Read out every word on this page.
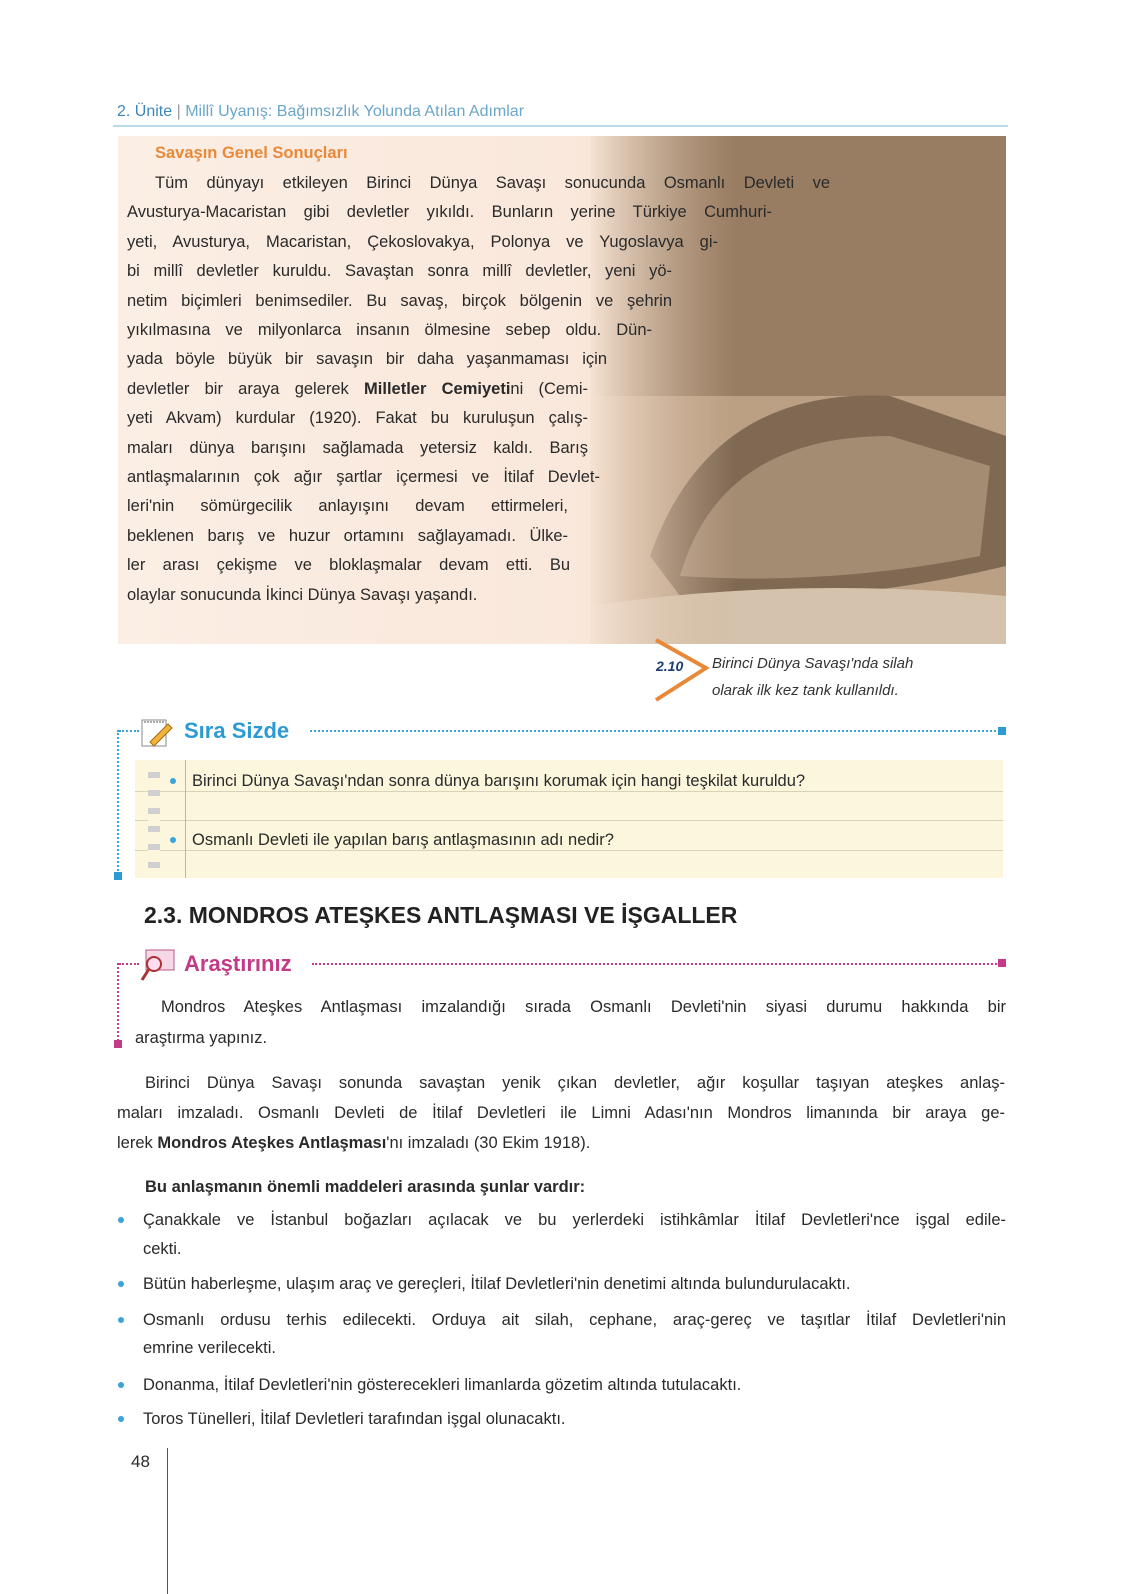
2. Ünite | Millî Uyanış: Bağımsızlık Yolunda Atılan Adımlar
Savaşın Genel Sonuçları
2.10 Birinci Dünya Savaşı'nda silah
olarak ilk kez tank kullanıldı.
Sıra Sizde
Birinci Dünya Savaşı'ndan sonra dünya barışını korumak için hangi teşkilat kuruldu?
Osmanlı Devleti ile yapılan barış antlaşmasının adı nedir?
2.3. MONDROS ATEŞKES ANTLAŞMASI VE İŞGALLER
Araştırınız
Mondros Ateşkes Antlaşması imzalandığı sırada Osmanlı Devleti'nin siyasi durumu hakkında bir
araştırma yapınız.
Bu anlaşmanın önemli maddeleri arasında şunlar vardır:
48
Tüm dünyayı etkileyen Birinci Dünya Savaşı sonucunda Osmanlı Devleti ve
Avusturya-Macaristan gibi devletler yıkıldı. Bunların yerine Türkiye Cumhuri-
yeti, Avusturya, Macaristan, Çekoslovakya, Polonya ve Yugoslavya gi-
bi millî devletler kuruldu. Savaştan sonra millî devletler, yeni yö-
netim biçimleri benimsediler. Bu savaş, birçok bölgenin ve şehrin
yıkılmasına ve milyonlarca insanın ölmesine sebep oldu. Dün-
yada böyle büyük bir savaşın bir daha yaşanmaması için
devletler bir araya gelerek Milletler Cemiyetini (Cemi-
yeti Akvam) kurdular (1920). Fakat bu kuruluşun çalış-
maları dünya barışını sağlamada yetersiz kaldı. Barış
antlaşmalarının çok ağır şartlar içermesi ve İtilaf Devlet-
leri'nin sömürgecilik anlayışını devam ettirmeleri,
beklenen barış ve huzur ortamını sağlayamadı. Ülke-
ler arası çekişme ve bloklaşmalar devam etti. Bu
olaylar sonucunda İkinci Dünya Savaşı yaşandı.
Birinci Dünya Savaşı sonunda savaştan yenik çıkan devletler, ağır koşullar taşıyan ateşkes anlaş-
maları imzaladı. Osmanlı Devleti de İtilaf Devletleri ile Limni Adası'nın Mondros limanında bir araya ge-
lerek Mondros Ateşkes Antlaşması'nı imzaladı (30 Ekim 1918).
Çanakkale ve İstanbul boğazları açılacak ve bu yerlerdeki istihkâmlar İtilaf Devletleri'nce işgal edile-
cekti.
Bütün haberleşme, ulaşım araç ve gereçleri, İtilaf Devletleri'nin denetimi altında bulundurulacaktı.
Osmanlı ordusu terhis edilecekti. Orduya ait silah, cephane, araç-gereç ve taşıtlar İtilaf Devletleri'nin
emrine verilecekti.
Donanma, İtilaf Devletleri'nin gösterecekleri limanlarda gözetim altında tutulacaktı.
Toros Tünelleri, İtilaf Devletleri tarafından işgal olunacaktı.
